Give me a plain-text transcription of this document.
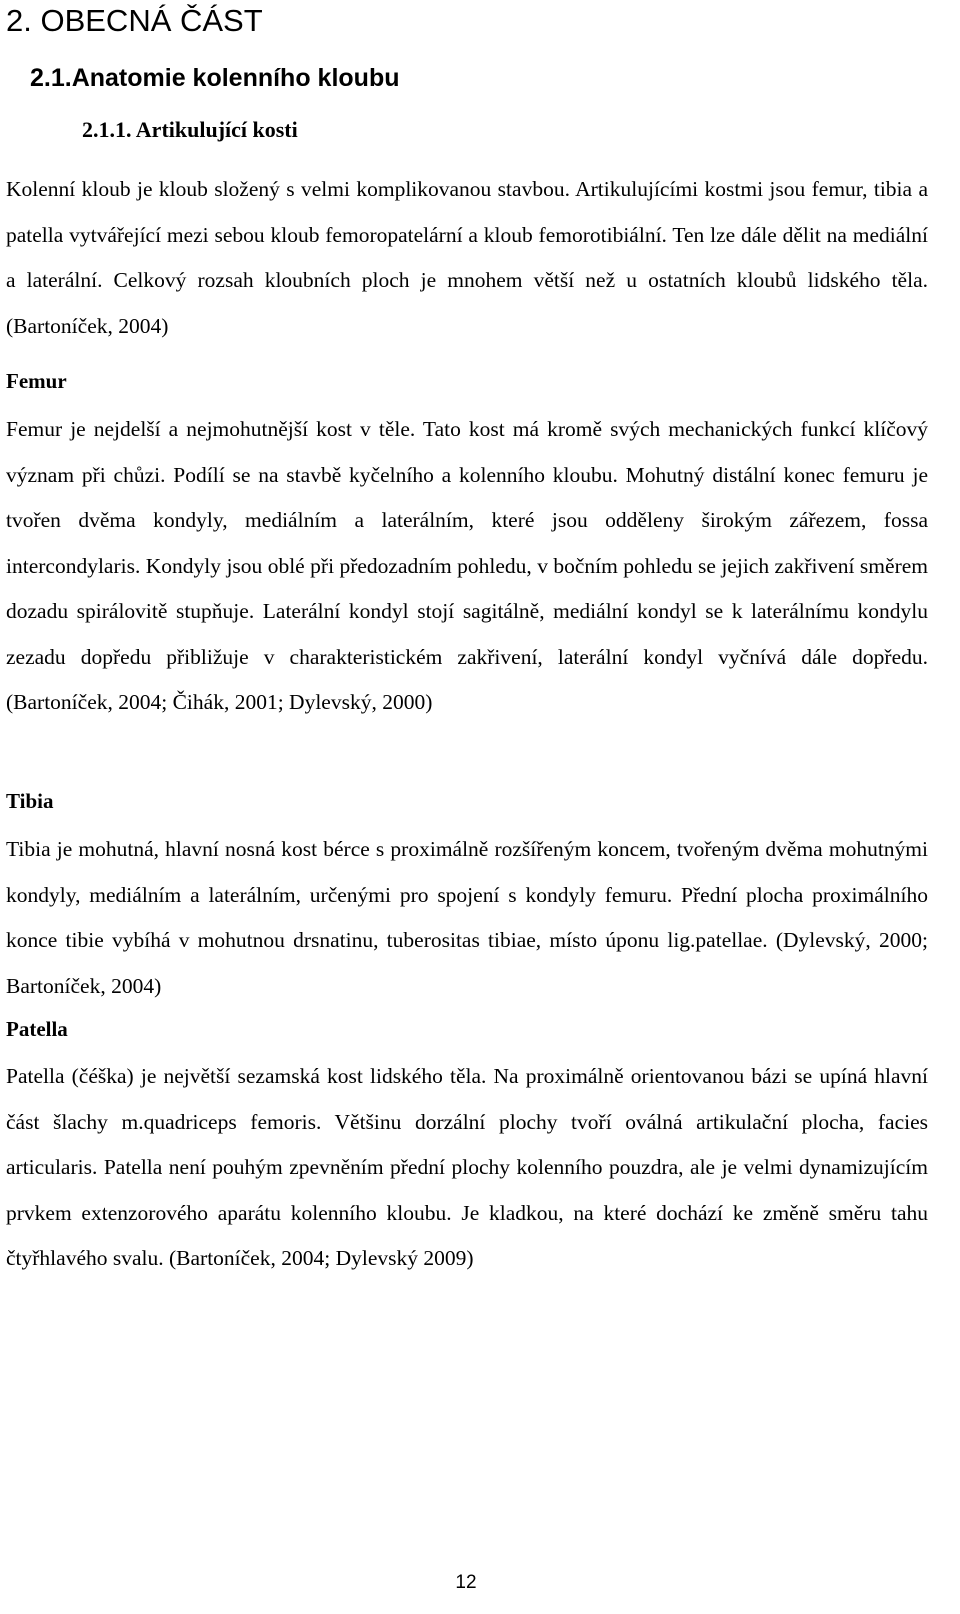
2. OBECNÁ ČÁST
2.1.Anatomie kolenního kloubu
2.1.1. Artikulující kosti

Kolenní kloub je kloub složený s velmi komplikovanou stavbou. Artikulujícími kostmi jsou femur, tibia a patella vytvářející mezi sebou kloub femoropatelární a kloub femorotibiální. Ten lze dále dělit na mediální a laterální. Celkový rozsah kloubních ploch je mnohem větší než u ostatních kloubů lidského těla. (Bartoníček, 2004)

Femur

Femur je nejdelší a nejmohutnější kost v těle. Tato kost má kromě svých mechanických funkcí klíčový význam při chůzi. Podílí se na stavbě kyčelního a kolenního kloubu. Mohutný distální konec femuru je tvořen dvěma kondyly, mediálním a laterálním, které jsou odděleny širokým zářezem, fossa intercondylaris. Kondyly jsou oblé při předozadním pohledu, v bočním pohledu se jejich zakřivení směrem dozadu spirálovitě stupňuje. Laterální kondyl stojí sagitálně, mediální kondyl se k laterálnímu kondylu zezadu dopředu přibližuje v charakteristickém zakřivení, laterální kondyl vyčnívá dále dopředu. (Bartoníček, 2004; Čihák, 2001; Dylevský, 2000)

Tibia

Tibia je mohutná, hlavní nosná kost bérce s proximálně rozšířeným koncem, tvořeným dvěma mohutnými kondyly, mediálním a laterálním, určenými pro spojení s kondyly femuru. Přední plocha proximálního konce tibie vybíhá v mohutnou drsnatinu, tuberositas tibiae, místo úponu lig.patellae. (Dylevský, 2000; Bartoníček, 2004)

Patella

Patella (čéška) je největší sezamská kost lidského těla. Na proximálně orientovanou bázi se upíná hlavní část šlachy m.quadriceps femoris. Většinu dorzální plochy tvoří oválná artikulační plocha, facies articularis. Patella není pouhým zpevněním přední plochy kolenního pouzdra, ale je velmi dynamizujícím prvkem extenzorového aparátu kolenního kloubu. Je kladkou, na které dochází ke změně směru tahu čtyřhlavého svalu. (Bartoníček, 2004; Dylevský 2009)

12
